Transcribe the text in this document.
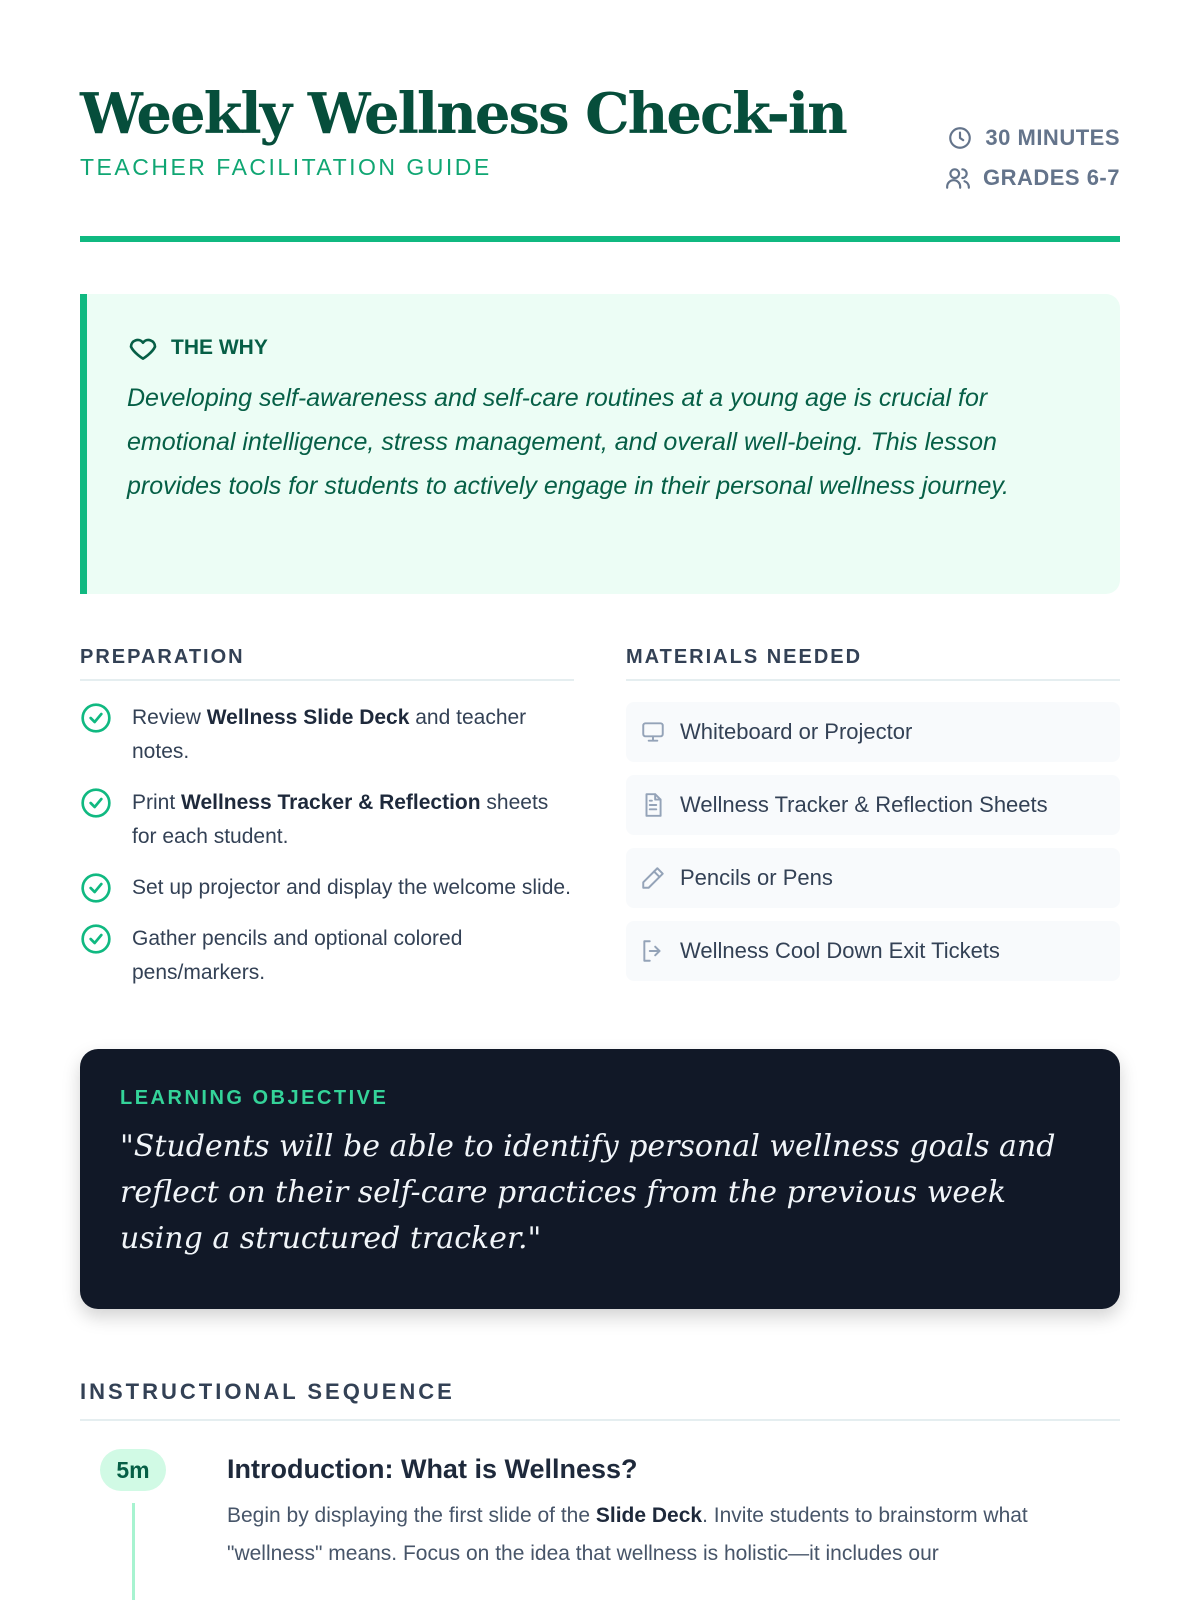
Weekly Wellness Check-in
TEACHER FACILITATION GUIDE
30 MINUTES
GRADES 6-7
THE WHY

Developing self-awareness and self-care routines at a young age is crucial for emotional intelligence, stress management, and overall well-being. This lesson provides tools for students to actively engage in their personal wellness journey.

PREPARATION
Review Wellness Slide Deck and teacher notes.
Print Wellness Tracker & Reflection sheets for each student.
Set up projector and display the welcome slide.
Gather pencils and optional colored pens/markers.
MATERIALS NEEDED
Whiteboard or Projector
Wellness Tracker & Reflection Sheets
Pencils or Pens
Wellness Cool Down Exit Tickets
LEARNING OBJECTIVE

"Students will be able to identify personal wellness goals and reflect on their self-care practices from the previous week using a structured tracker."

INSTRUCTIONAL SEQUENCE
5m	Introduction: What is Wellness?

Begin by displaying the first slide of the Slide Deck. Invite students to brainstorm what "wellness" means. Focus on the idea that wellness is holistic—it includes our
